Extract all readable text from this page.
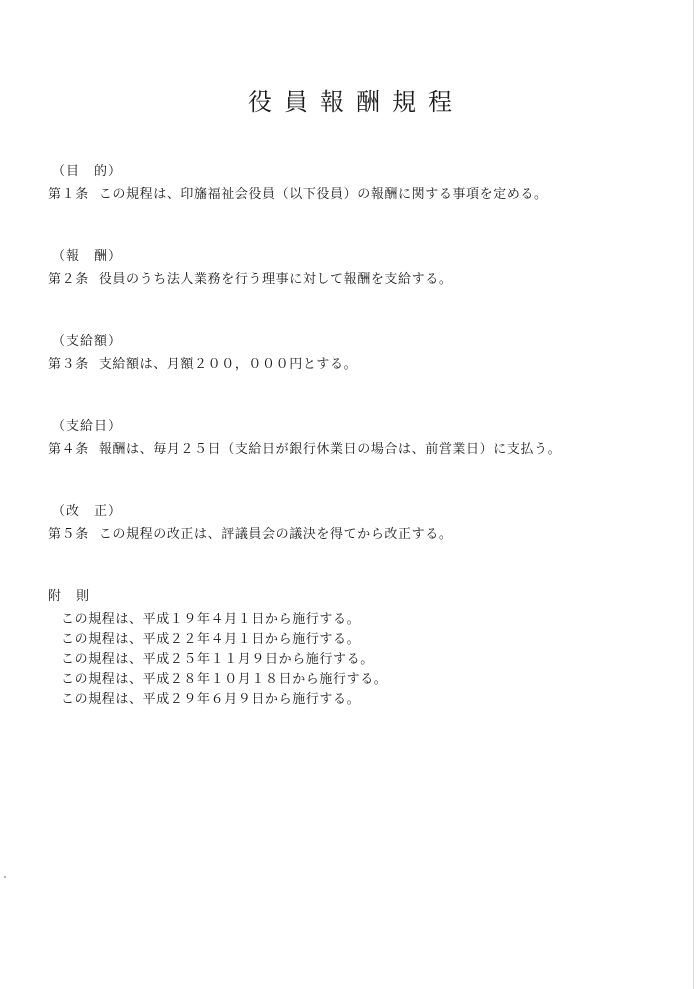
役員報酬規程
（目　的）
第１条 この規程は、印旛福祉会役員（以下役員）の報酬に関する事項を定める。
（報　酬）
第２条 役員のうち法人業務を行う理事に対して報酬を支給する。
（支給額）
第３条 支給額は、月額２００，０００円とする。
（支給日）
第４条 報酬は、毎月２５日（支給日が銀行休業日の場合は、前営業日）に支払う。
（改　正）
第５条 この規程の改正は、評議員会の議決を得てから改正する。
附　則
この規程は、平成１９年４月１日から施行する。
この規程は、平成２２年４月１日から施行する。
この規程は、平成２５年１１月９日から施行する。
この規程は、平成２８年１０月１８日から施行する。
この規程は、平成２９年６月９日から施行する。
